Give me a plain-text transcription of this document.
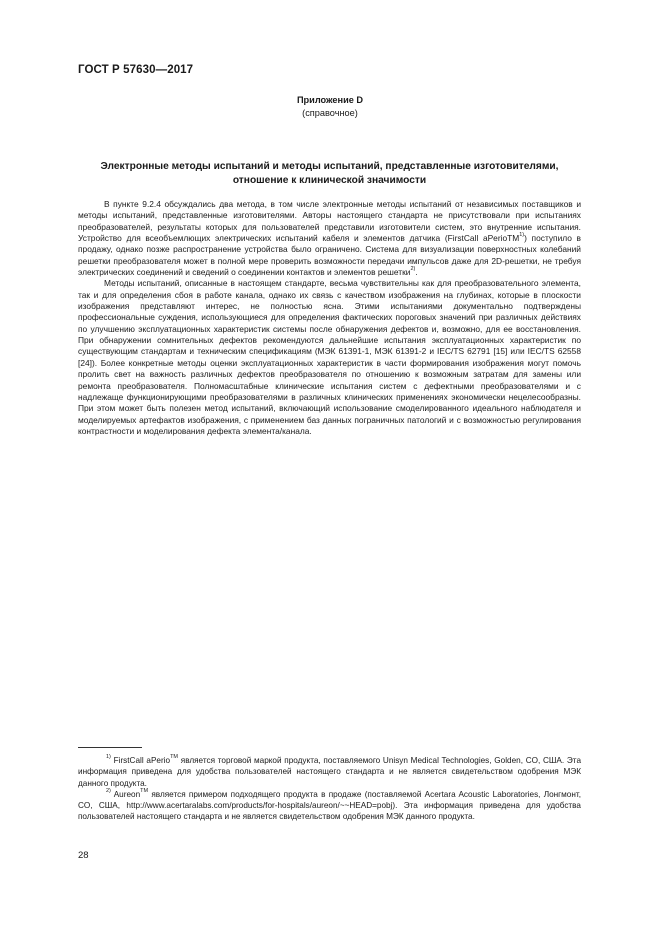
ГОСТ Р 57630—2017
Приложение D
(справочное)
Электронные методы испытаний и методы испытаний, представленные изготовителями,
отношение к клинической значимости

В пункте 9.2.4 обсуждались два метода, в том числе электронные методы испытаний от независимых поставщиков и методы испытаний, представленные изготовителями. Авторы настоящего стандарта не присутствовали при испытаниях преобразователей, результаты которых для пользователей представили изготовители систем, это внутренние испытания. Устройство для всеобъемлющих электрических испытаний кабеля и элементов датчика (FirstCall aPerioTM$^{1)}$) поступило в продажу, однако позже распространение устройства было ограничено. Система для визуализации поверхностных колебаний решетки преобразователя может в полной мере проверить возможности передачи импульсов даже для 2D-решетки, не требуя электрических соединений и сведений о соединении контактов и элементов решетки$^{2)}$.

Методы испытаний, описанные в настоящем стандарте, весьма чувствительны как для преобразовательного элемента, так и для определения сбоя в работе канала, однако их связь с качеством изображения на глубинах, которые в плоскости изображения представляют интерес, не полностью ясна. Этими испытаниями документально подтверждены профессиональные суждения, использующиеся для определения фактических пороговых значений при различных действиях по улучшению эксплуатационных характеристик системы после обнаружения дефектов и, возможно, для ее восстановления. При обнаружении сомнительных дефектов рекомендуются дальнейшие испытания эксплуатационных характеристик по существующим стандартам и техническим спецификациям (МЭК 61391-1, МЭК 61391-2 и IEC/TS 62791 [15] или IEC/TS 62558 [24]). Более конкретные методы оценки эксплуатационных характеристик в части формирования изображения могут помочь пролить свет на важность различных дефектов преобразователя по отношению к возможным затратам для замены или ремонта преобразователя. Полномасштабные клинические испытания систем с дефектными преобразователями и с надлежаще функционирующими преобразователями в различных клинических применениях экономически нецелесообразны. При этом может быть полезен метод испытаний, включающий использование смоделированного идеального наблюдателя и моделируемых артефактов изображения, с применением баз данных пограничных патологий и с возможностью регулирования контрастности и моделирования дефекта элемента/канала.

$^{1)}$ FirstCall aPerio™ является торговой маркой продукта, поставляемого Unisyn Medical Technologies, Golden, CO, США. Эта информация приведена для удобства пользователей настоящего стандарта и не является свидетельством одобрения МЭК данного продукта.

$^{2)}$ Aureon™ является примером подходящего продукта в продаже (поставляемой Acertara Acoustic Laboratories, Лонгмонт, CO, США, http://www.acertaralabs.com/products/for-hospitals/aureon/~~HEAD=pobj). Эта информация приведена для удобства пользователей настоящего стандарта и не является свидетельством одобрения МЭК данного продукта.

28
